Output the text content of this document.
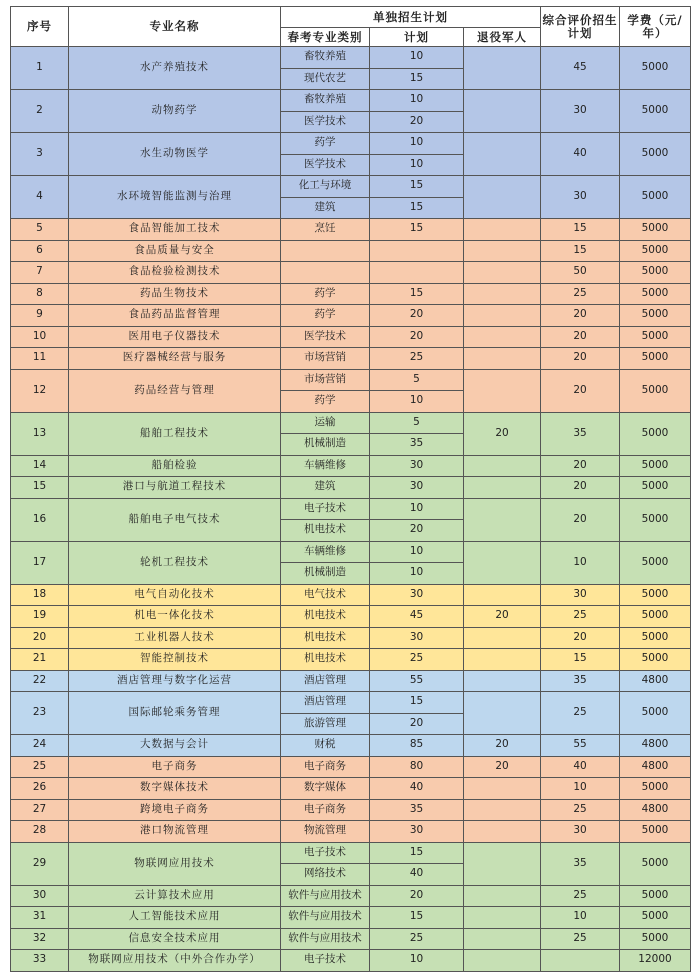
序号	专业名称	单独招生计划			综合评价招生计划	学费（元/年）
		春考专业类别	计划	退役军人		
1	水产养殖技术	畜牧养殖	10		45	5000
		现代农艺	15			
2	动物药学	畜牧养殖	10		30	5000
		医学技术	20			
3	水生动物医学	药学	10		40	5000
		医学技术	10			
4	水环境智能监测与治理	化工与环境	15		30	5000
		建筑	15			
5	食品智能加工技术	烹饪	15		15	5000
6	食品质量与安全				15	5000
7	食品检验检测技术				50	5000
8	药品生物技术	药学	15		25	5000
9	食品药品监督管理	药学	20		20	5000
10	医用电子仪器技术	医学技术	20		20	5000
11	医疗器械经营与服务	市场营销	25		20	5000
12	药品经营与管理	市场营销	5		20	5000
		药学	10			
13	船舶工程技术	运输	5	20	35	5000
		机械制造	35			
14	船舶检验	车辆维修	30		20	5000
15	港口与航道工程技术	建筑	30		20	5000
16	船舶电子电气技术	电子技术	10		20	5000
		机电技术	20			
17	轮机工程技术	车辆维修	10		10	5000
		机械制造	10			
18	电气自动化技术	电气技术	30		30	5000
19	机电一体化技术	机电技术	45	20	25	5000
20	工业机器人技术	机电技术	30		20	5000
21	智能控制技术	机电技术	25		15	5000
22	酒店管理与数字化运营	酒店管理	55		35	4800
23	国际邮轮乘务管理	酒店管理	15		25	5000
		旅游管理	20			
24	大数据与会计	财税	85	20	55	4800
25	电子商务	电子商务	80	20	40	4800
26	数字媒体技术	数字媒体	40		10	5000
27	跨境电子商务	电子商务	35		25	4800
28	港口物流管理	物流管理	30		30	5000
29	物联网应用技术	电子技术	15		35	5000
		网络技术	40			
30	云计算技术应用	软件与应用技术	20		25	5000
31	人工智能技术应用	软件与应用技术	15		10	5000
32	信息安全技术应用	软件与应用技术	25		25	5000
33	物联网应用技术（中外合作办学）	电子技术	10			12000
